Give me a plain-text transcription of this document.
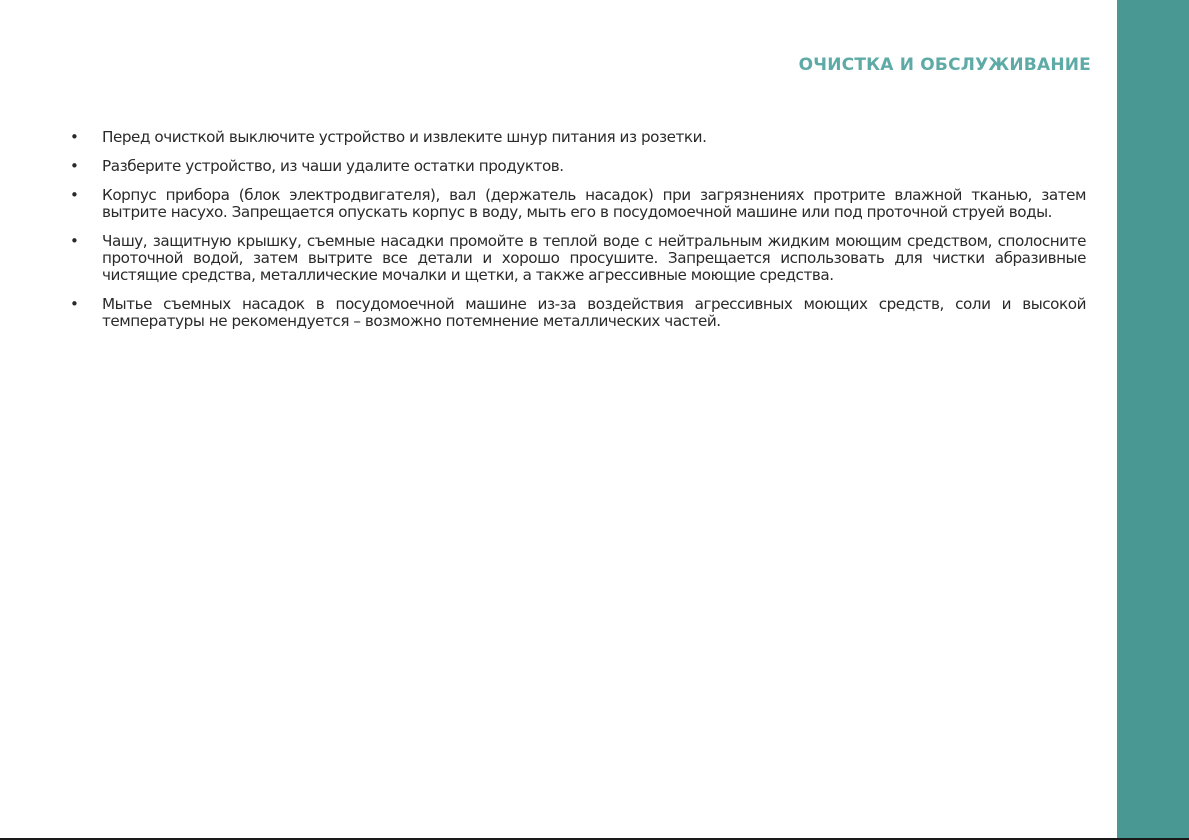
ОЧИСТКА И ОБСЛУЖИВАНИЕ
• Перед очисткой выключите устройство и извлеките шнур питания из розетки.
• Разберите устройство, из чаши удалите остатки продуктов.
• Корпус прибора (блок электродвигателя), вал (держатель насадок) при загрязнениях протрите влажной тканью, затем вытрите насухо. Запрещается опускать корпус в воду, мыть его в посудомоечной машине или под проточной струей воды.
• Чашу, защитную крышку, съемные насадки промойте в теплой воде с нейтральным жидким моющим средством, сполосните проточной водой, затем вытрите все детали и хорошо просушите. Запрещается использовать для чистки абразивные чистящие средства, металлические мочалки и щетки, а также агрессивные моющие средства.
• Мытье съемных насадок в посудомоечной машине из-за воздействия агрессивных моющих средств, соли и высокой температуры не рекомендуется – возможно потемнение металлических частей.
